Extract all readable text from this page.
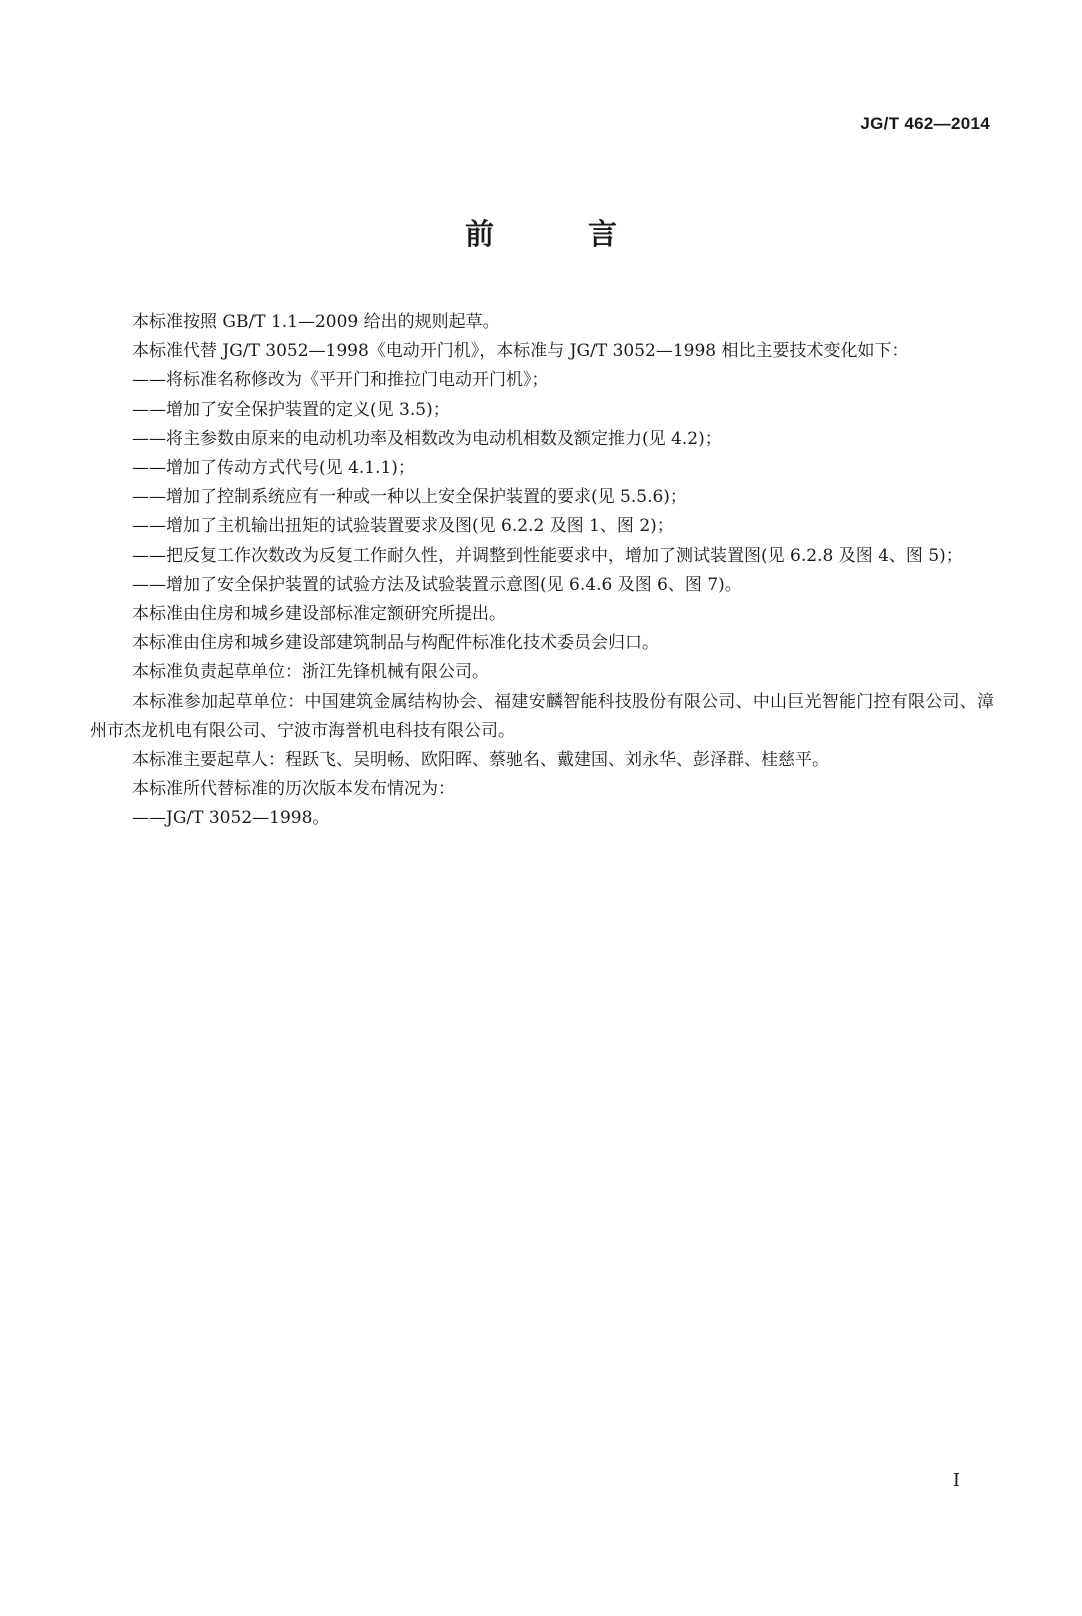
JG/T 462—2014
前 言

本标准按照 GB/T 1.1—2009 给出的规则起草。

本标准代替 JG/T 3052—1998《电动开门机》，本标准与 JG/T 3052—1998 相比主要技术变化如下：

——将标准名称修改为《平开门和推拉门电动开门机》；

——增加了安全保护装置的定义(见 3.5)；

——将主参数由原来的电动机功率及相数改为电动机相数及额定推力(见 4.2)；

——增加了传动方式代号(见 4.1.1)；

——增加了控制系统应有一种或一种以上安全保护装置的要求(见 5.5.6)；

——增加了主机输出扭矩的试验装置要求及图(见 6.2.2 及图 1、图 2)；

——把反复工作次数改为反复工作耐久性，并调整到性能要求中，增加了测试装置图(见 6.2.8 及图 4、图 5)；

——增加了安全保护装置的试验方法及试验装置示意图(见 6.4.6 及图 6、图 7)。

本标准由住房和城乡建设部标准定额研究所提出。

本标准由住房和城乡建设部建筑制品与构配件标准化技术委员会归口。

本标准负责起草单位：浙江先锋机械有限公司。

本标准参加起草单位：中国建筑金属结构协会、福建安麟智能科技股份有限公司、中山巨光智能门控有限公司、漳州市杰龙机电有限公司、宁波市海誉机电科技有限公司。

本标准主要起草人：程跃飞、吴明畅、欧阳晖、蔡驰名、戴建国、刘永华、彭泽群、桂慈平。

本标准所代替标准的历次版本发布情况为：

——JG/T 3052—1998。

I
